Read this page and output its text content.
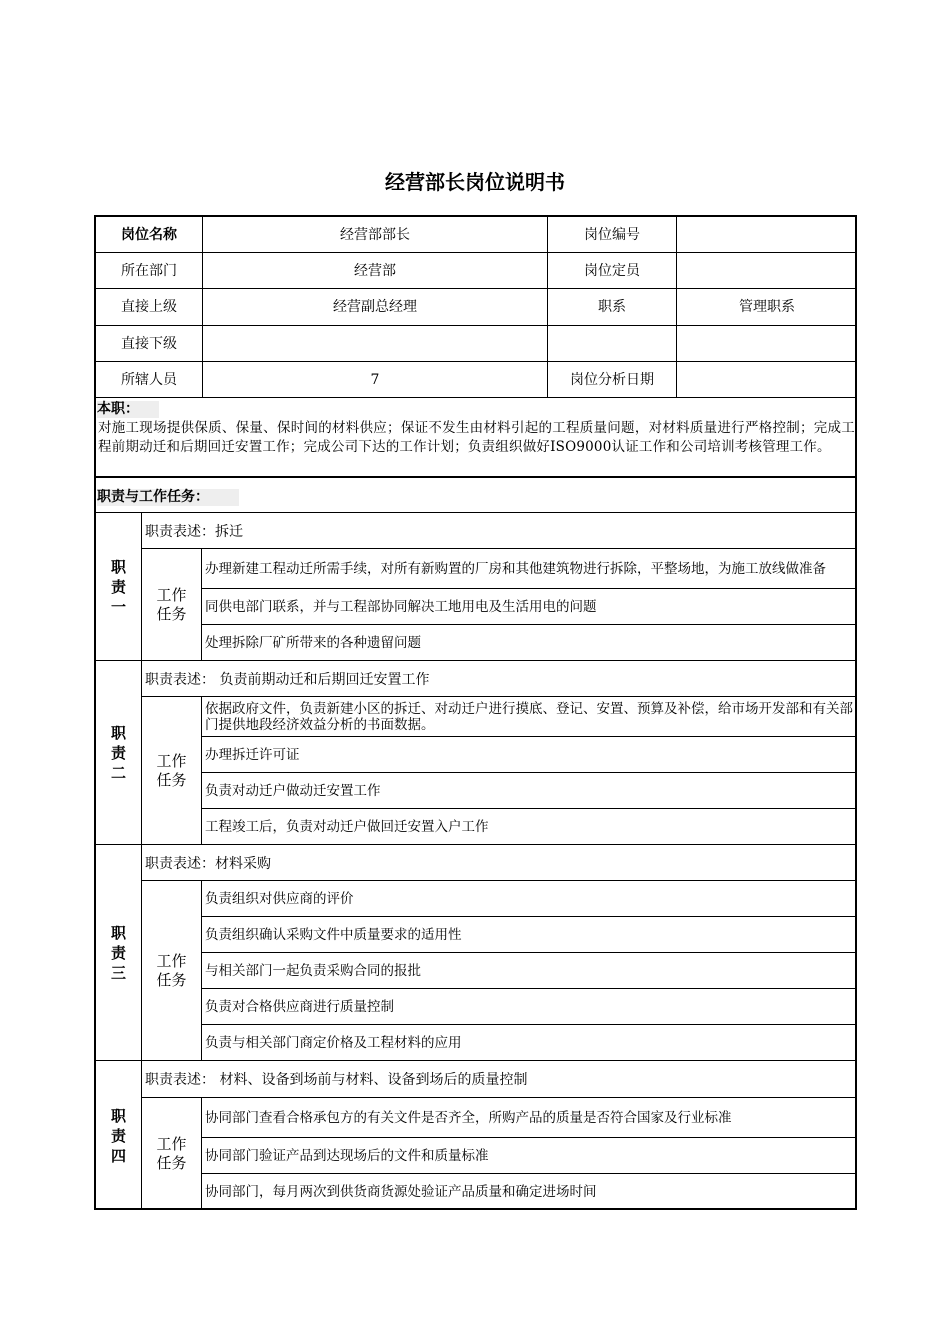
经营部长岗位说明书
岗位名称	经营部部长	岗位编号
所在部门	经营部	岗位定员
直接上级	经营副总经理	职系	管理职系
直接下级
所辖人员	7	岗位分析日期
本职：
对施工现场提供保质、保量、保时间的材料供应；保证不发生由材料引起的工程质量问题，对材料质量进行严格控制；完成工程前期动迁和后期回迁安置工作；完成公司下达的工作计划；负责组织做好ISO9000认证工作和公司培训考核管理工作。
职责与工作任务：
职责一
职责表述：拆迁
工作任务
办理新建工程动迁所需手续，对所有新购置的厂房和其他建筑物进行拆除，平整场地，为施工放线做准备
同供电部门联系，并与工程部协同解决工地用电及生活用电的问题
处理拆除厂矿所带来的各种遗留问题
职责二
职责表述： 负责前期动迁和后期回迁安置工作
工作任务
依据政府文件，负责新建小区的拆迁、对动迁户进行摸底、登记、安置、预算及补偿，给市场开发部和有关部门提供地段经济效益分析的书面数据。
办理拆迁许可证
负责对动迁户做动迁安置工作
工程竣工后，负责对动迁户做回迁安置入户工作
职责三
职责表述：材料采购
工作任务
负责组织对供应商的评价
负责组织确认采购文件中质量要求的适用性
与相关部门一起负责采购合同的报批
负责对合格供应商进行质量控制
负责与相关部门商定价格及工程材料的应用
职责四
职责表述： 材料、设备到场前与材料、设备到场后的质量控制
工作任务
协同部门查看合格承包方的有关文件是否齐全，所购产品的质量是否符合国家及行业标准
协同部门验证产品到达现场后的文件和质量标准
协同部门，每月两次到供货商货源处验证产品质量和确定进场时间
